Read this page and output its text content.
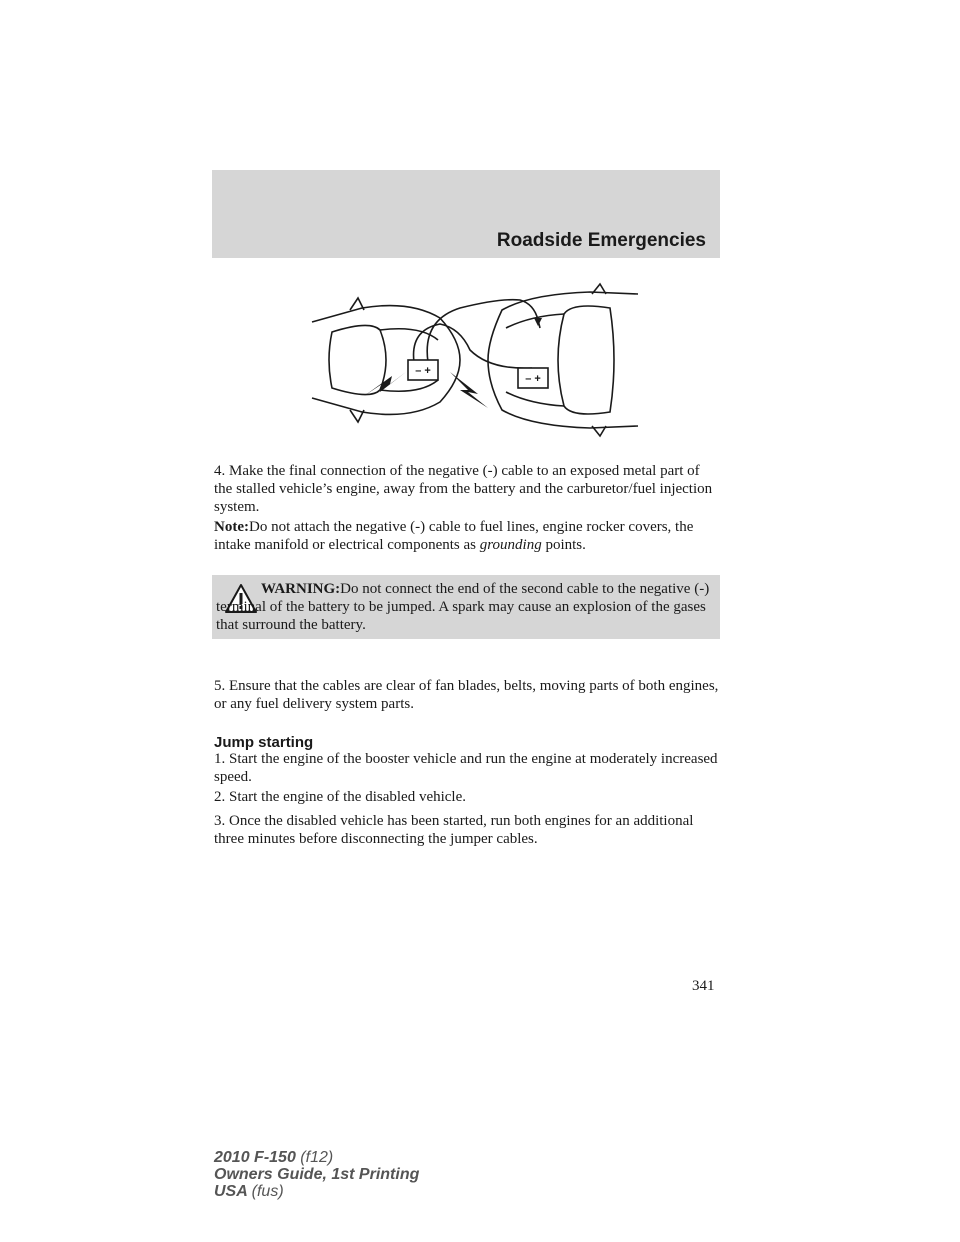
Roadside Emergencies
– +
– +

4. Make the final connection of the negative (-) cable to an exposed metal part of the stalled vehicle’s engine, away from the battery and the carburetor/fuel injection system.

Note:Do not attach the negative (-) cable to fuel lines, engine rocker covers, the intake manifold or electrical components as grounding points.

WARNING:Do not connect the end of the second cable to the negative (-) terminal of the battery to be jumped. A spark may cause an explosion of the gases that surround the battery.

5. Ensure that the cables are clear of fan blades, belts, moving parts of both engines, or any fuel delivery system parts.

Jump starting

1. Start the engine of the booster vehicle and run the engine at moderately increased speed.

2. Start the engine of the disabled vehicle.

3. Once the disabled vehicle has been started, run both engines for an additional three minutes before disconnecting the jumper cables.

341
2010 F-150 (f12)
Owners Guide, 1st Printing
USA (fus)
